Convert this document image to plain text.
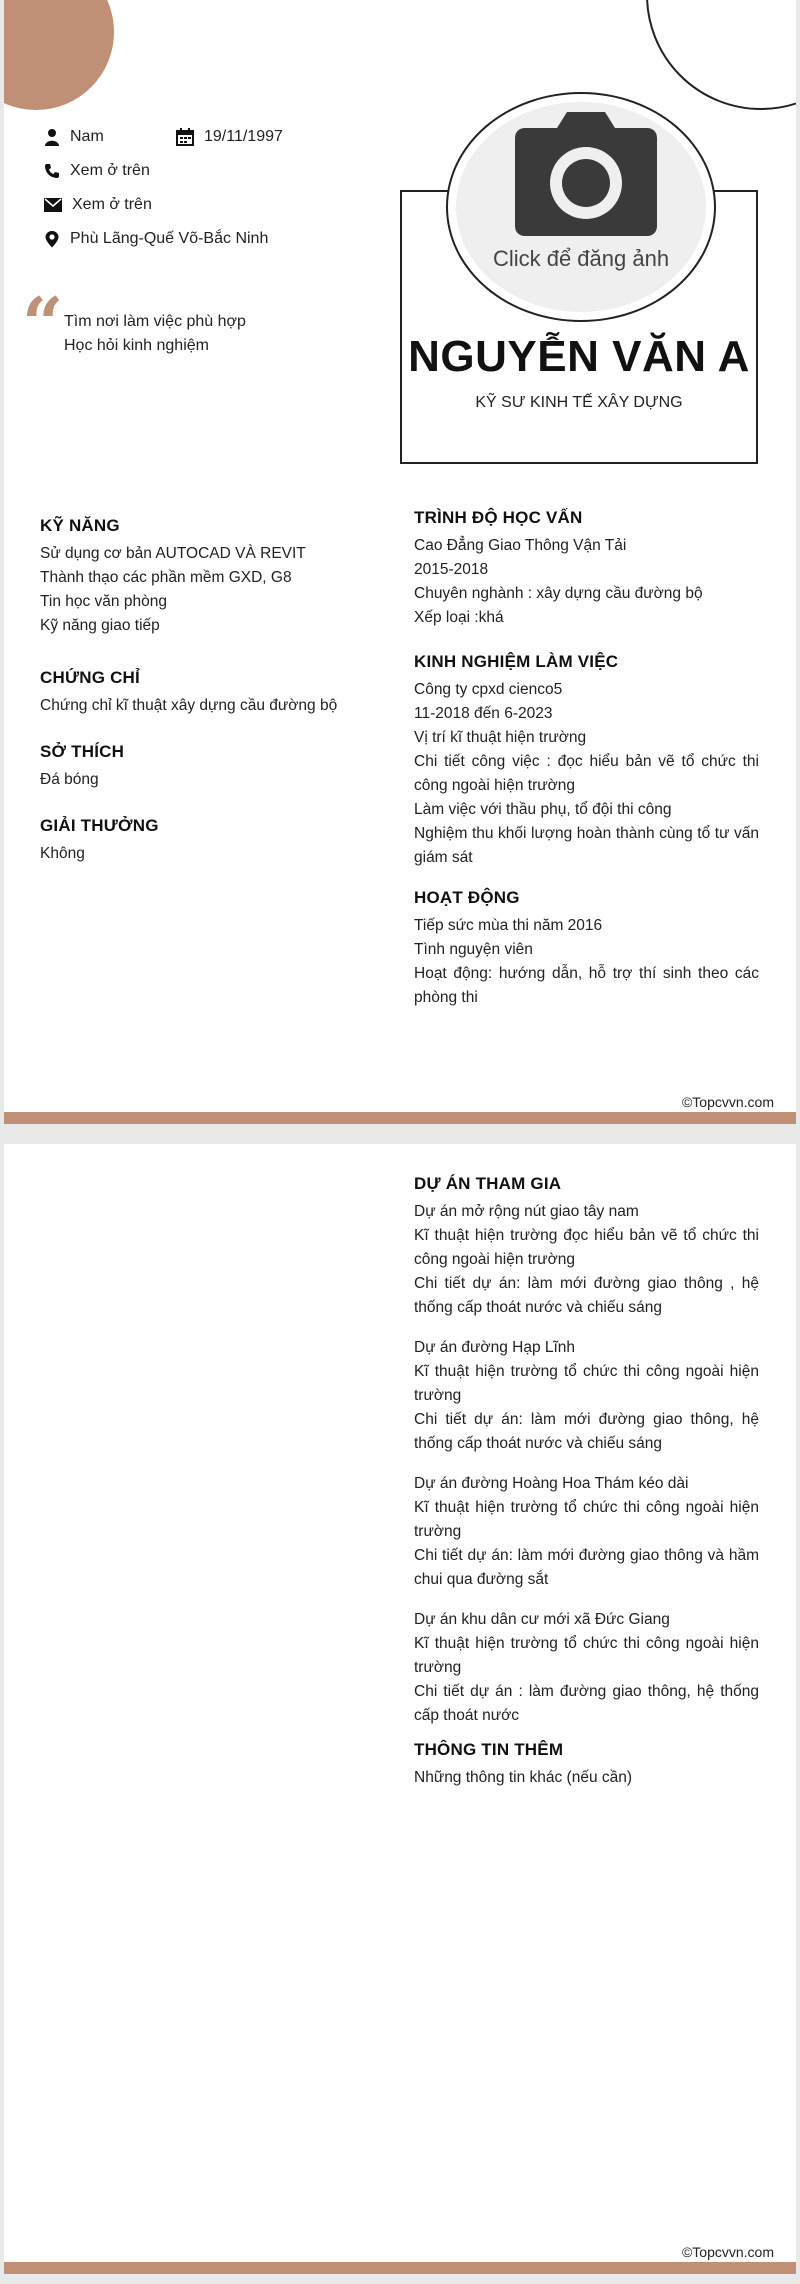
Nam	19/11/1997
Xem ở trên
Xem ở trên
Phù Lãng-Quế Võ-Bắc Ninh
“ Tìm nơi làm việc phù hợp
Học hỏi kinh nghiệm	NGUYỄN VĂN A
KỸ SƯ KINH TẾ XÂY DỰNG
Click để đăng ảnh
KỸ NĂNG

Sử dụng cơ bản AUTOCAD VÀ REVIT

Thành thạo các phần mềm GXD, G8

Tin học văn phòng

Kỹ năng giao tiếp

CHỨNG CHỈ

Chứng chỉ kĩ thuật xây dựng cầu đường bộ

SỞ THÍCH

Đá bóng

GIẢI THƯỞNG

Không

TRÌNH ĐỘ HỌC VẤN

Cao Đẳng Giao Thông Vận Tải

2015-2018

Chuyên nghành : xây dựng cầu đường bộ

Xếp loại :khá

KINH NGHIỆM LÀM VIỆC

Công ty cpxd cienco5

11-2018 đến 6-2023

Vị trí kĩ thuật hiện trường

Chi tiết công việc : đọc hiểu bản vẽ tổ chức thi công ngoài hiện trường

Làm việc với thầu phụ, tổ đội thi công

Nghiệm thu khối lượng hoàn thành cùng tổ tư vấn giám sát

HOẠT ĐỘNG

Tiếp sức mùa thi năm 2016

Tình nguyện viên

Hoạt động: hướng dẫn, hỗ trợ thí sinh theo các phòng thi

©Topcvvn.com
DỰ ÁN THAM GIA

Dự án mở rộng nút giao tây nam

Kĩ thuật hiện trường đọc hiểu bản vẽ tổ chức thi công ngoài hiện trường

Chi tiết dự án: làm mới đường giao thông , hệ thống cấp thoát nước và chiếu sáng

Dự án đường Hạp Lĩnh

Kĩ thuật hiện trường tổ chức thi công ngoài hiện trường

Chi tiết dự án: làm mới đường giao thông, hệ thống cấp thoát nước và chiếu sáng

Dự án đường Hoàng Hoa Thám kéo dài

Kĩ thuật hiện trường tổ chức thi công ngoài hiện trường

Chi tiết dự án: làm mới đường giao thông và hầm chui qua đường sắt

Dự án khu dân cư mới xã Đức Giang

Kĩ thuật hiện trường tổ chức thi công ngoài hiện trường

Chi tiết dự án : làm đường giao thông, hệ thống cấp thoát nước

THÔNG TIN THÊM

Những thông tin khác (nếu cần)

©Topcvvn.com
